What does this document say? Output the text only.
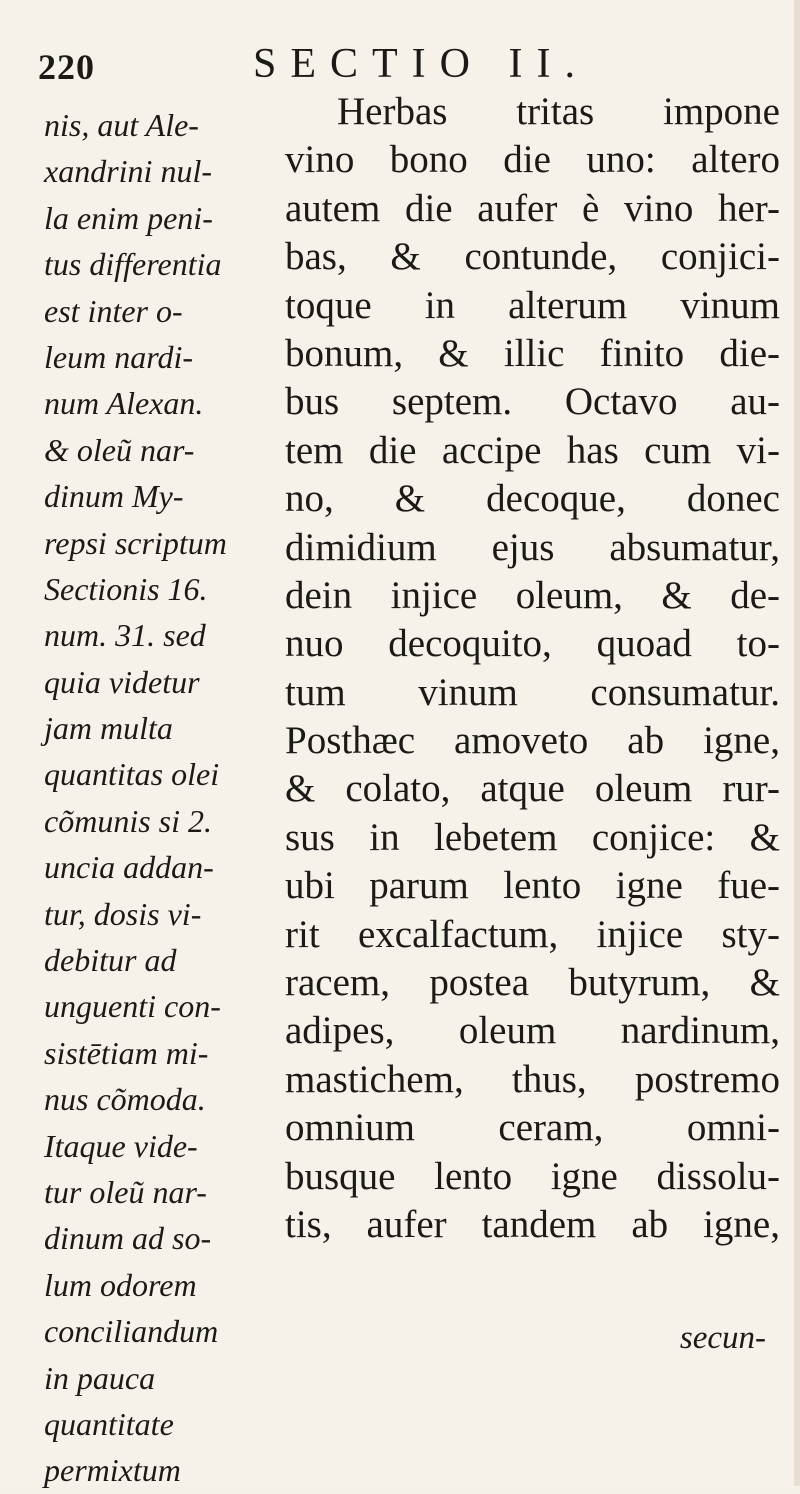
220	SECTIO II.
nis, aut Ale-
xandrini nul-
la enim peni-
tus differentia
est inter o-
leum nardi-
num Alexan.
& oleũ nar-
dinum My-
repsi scriptum
Sectionis 16.
num. 31. sed
quia videtur
jam multa
quantitas olei
cõmunis si 2.
uncia addan-
tur, dosis vi-
debitur ad
unguenti con-
sistētiam mi-
nus cõmoda.
Itaque vide-
tur oleũ nar-
dinum ad so-
lum odorem
conciliandum
in pauca
quantitate
permixtum
Herbas tritas impone
vino bono die uno: altero
autem die aufer è vino her-
bas, & contunde, conjici-
toque in alterum vinum
bonum, & illic finito die-
bus septem. Octavo au-
tem die accipe has cum vi-
no, & decoque, donec
dimidium ejus absumatur,
dein injice oleum, & de-
nuo decoquito, quoad to-
tum vinum consumatur.
Posthæc amoveto ab igne,
& colato, atque oleum rur-
sus in lebetem conjice: &
ubi parum lento igne fue-
rit excalfactum, injice sty-
racem, postea butyrum, &
adipes, oleum nardinum,
mastichem, thus, postremo
omnium ceram, omni-
busque lento igne dissolu-
tis, aufer tandem ab igne,
secun-
